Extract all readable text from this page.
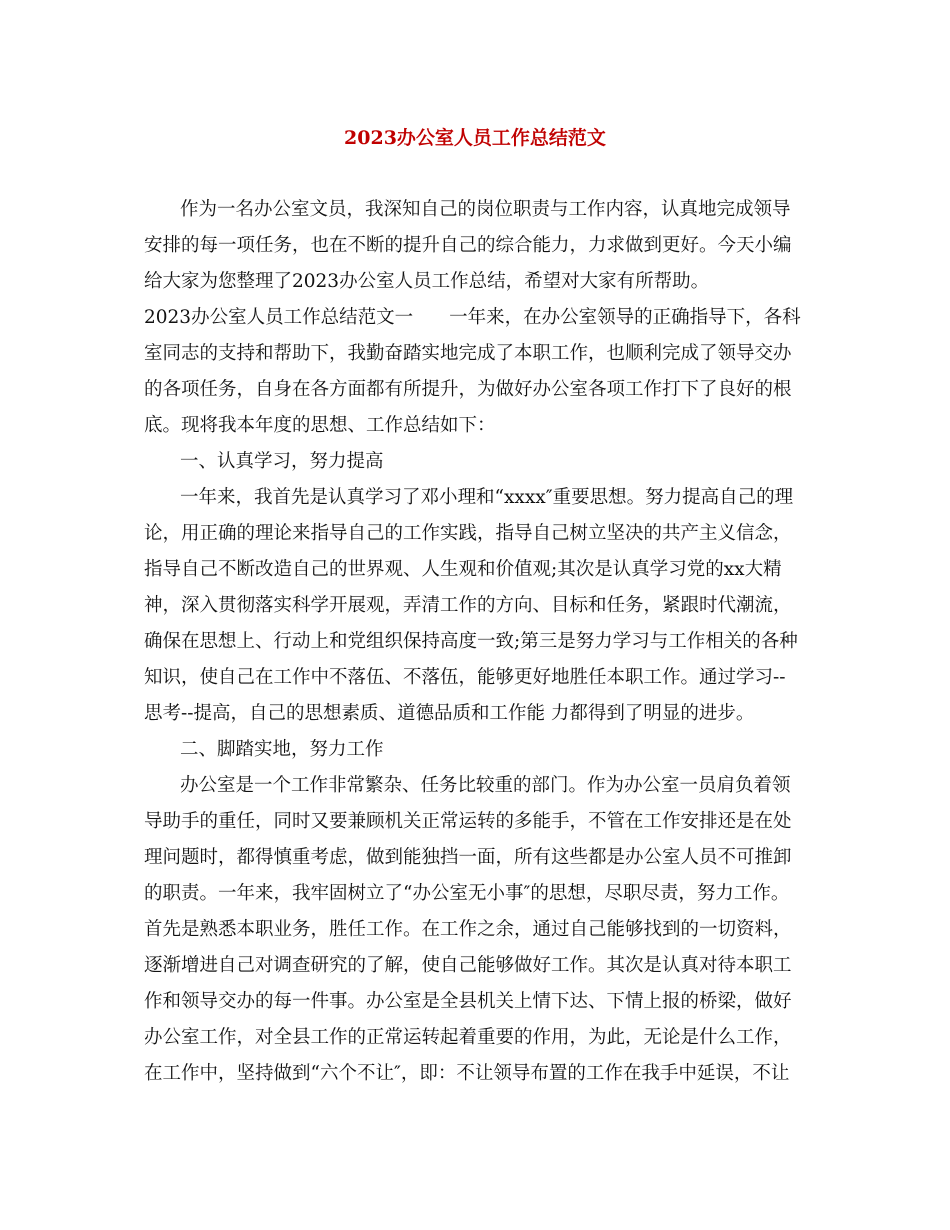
2023办公室人员工作总结范文

作为一名办公室文员，我深知自己的岗位职责与工作内容，认真地完成领导

安排的每一项任务，也在不断的提升自己的综合能力，力求做到更好。今天小编

给大家为您整理了2023办公室人员工作总结，希望对大家有所帮助。

2023办公室人员工作总结范文一 一年来，在办公室领导的正确指导下，各科

室同志的支持和帮助下，我勤奋踏实地完成了本职工作，也顺利完成了领导交办

的各项任务，自身在各方面都有所提升，为做好办公室各项工作打下了良好的根

底。现将我本年度的思想、工作总结如下：

一、认真学习，努力提高

一年来，我首先是认真学习了邓小理和“xxxx″重要思想。努力提高自己的理

论，用正确的理论来指导自己的工作实践，指导自己树立坚决的共产主义信念，

指导自己不断改造自己的世界观、人生观和价值观;其次是认真学习党的xx大精

神，深入贯彻落实科学开展观，弄清工作的方向、目标和任务，紧跟时代潮流，

确保在思想上、行动上和党组织保持高度一致;第三是努力学习与工作相关的各种

知识，使自己在工作中不落伍、不落伍，能够更好地胜任本职工作。通过学习--

思考--提高，自己的思想素质、道德品质和工作能 力都得到了明显的进步。

二、脚踏实地，努力工作

办公室是一个工作非常繁杂、任务比较重的部门。作为办公室一员肩负着领

导助手的重任，同时又要兼顾机关正常运转的多能手，不管在工作安排还是在处

理问题时，都得慎重考虑，做到能独挡一面，所有这些都是办公室人员不可推卸

的职责。一年来，我牢固树立了“办公室无小事″的思想，尽职尽责，努力工作。

首先是熟悉本职业务，胜任工作。在工作之余，通过自己能够找到的一切资料，

逐渐增进自己对调查研究的了解，使自己能够做好工作。其次是认真对待本职工

作和领导交办的每一件事。办公室是全县机关上情下达、下情上报的桥梁，做好

办公室工作，对全县工作的正常运转起着重要的作用，为此，无论是什么工作，

在工作中，坚持做到“六个不让″，即：不让领导布置的工作在我手中延误，不让
